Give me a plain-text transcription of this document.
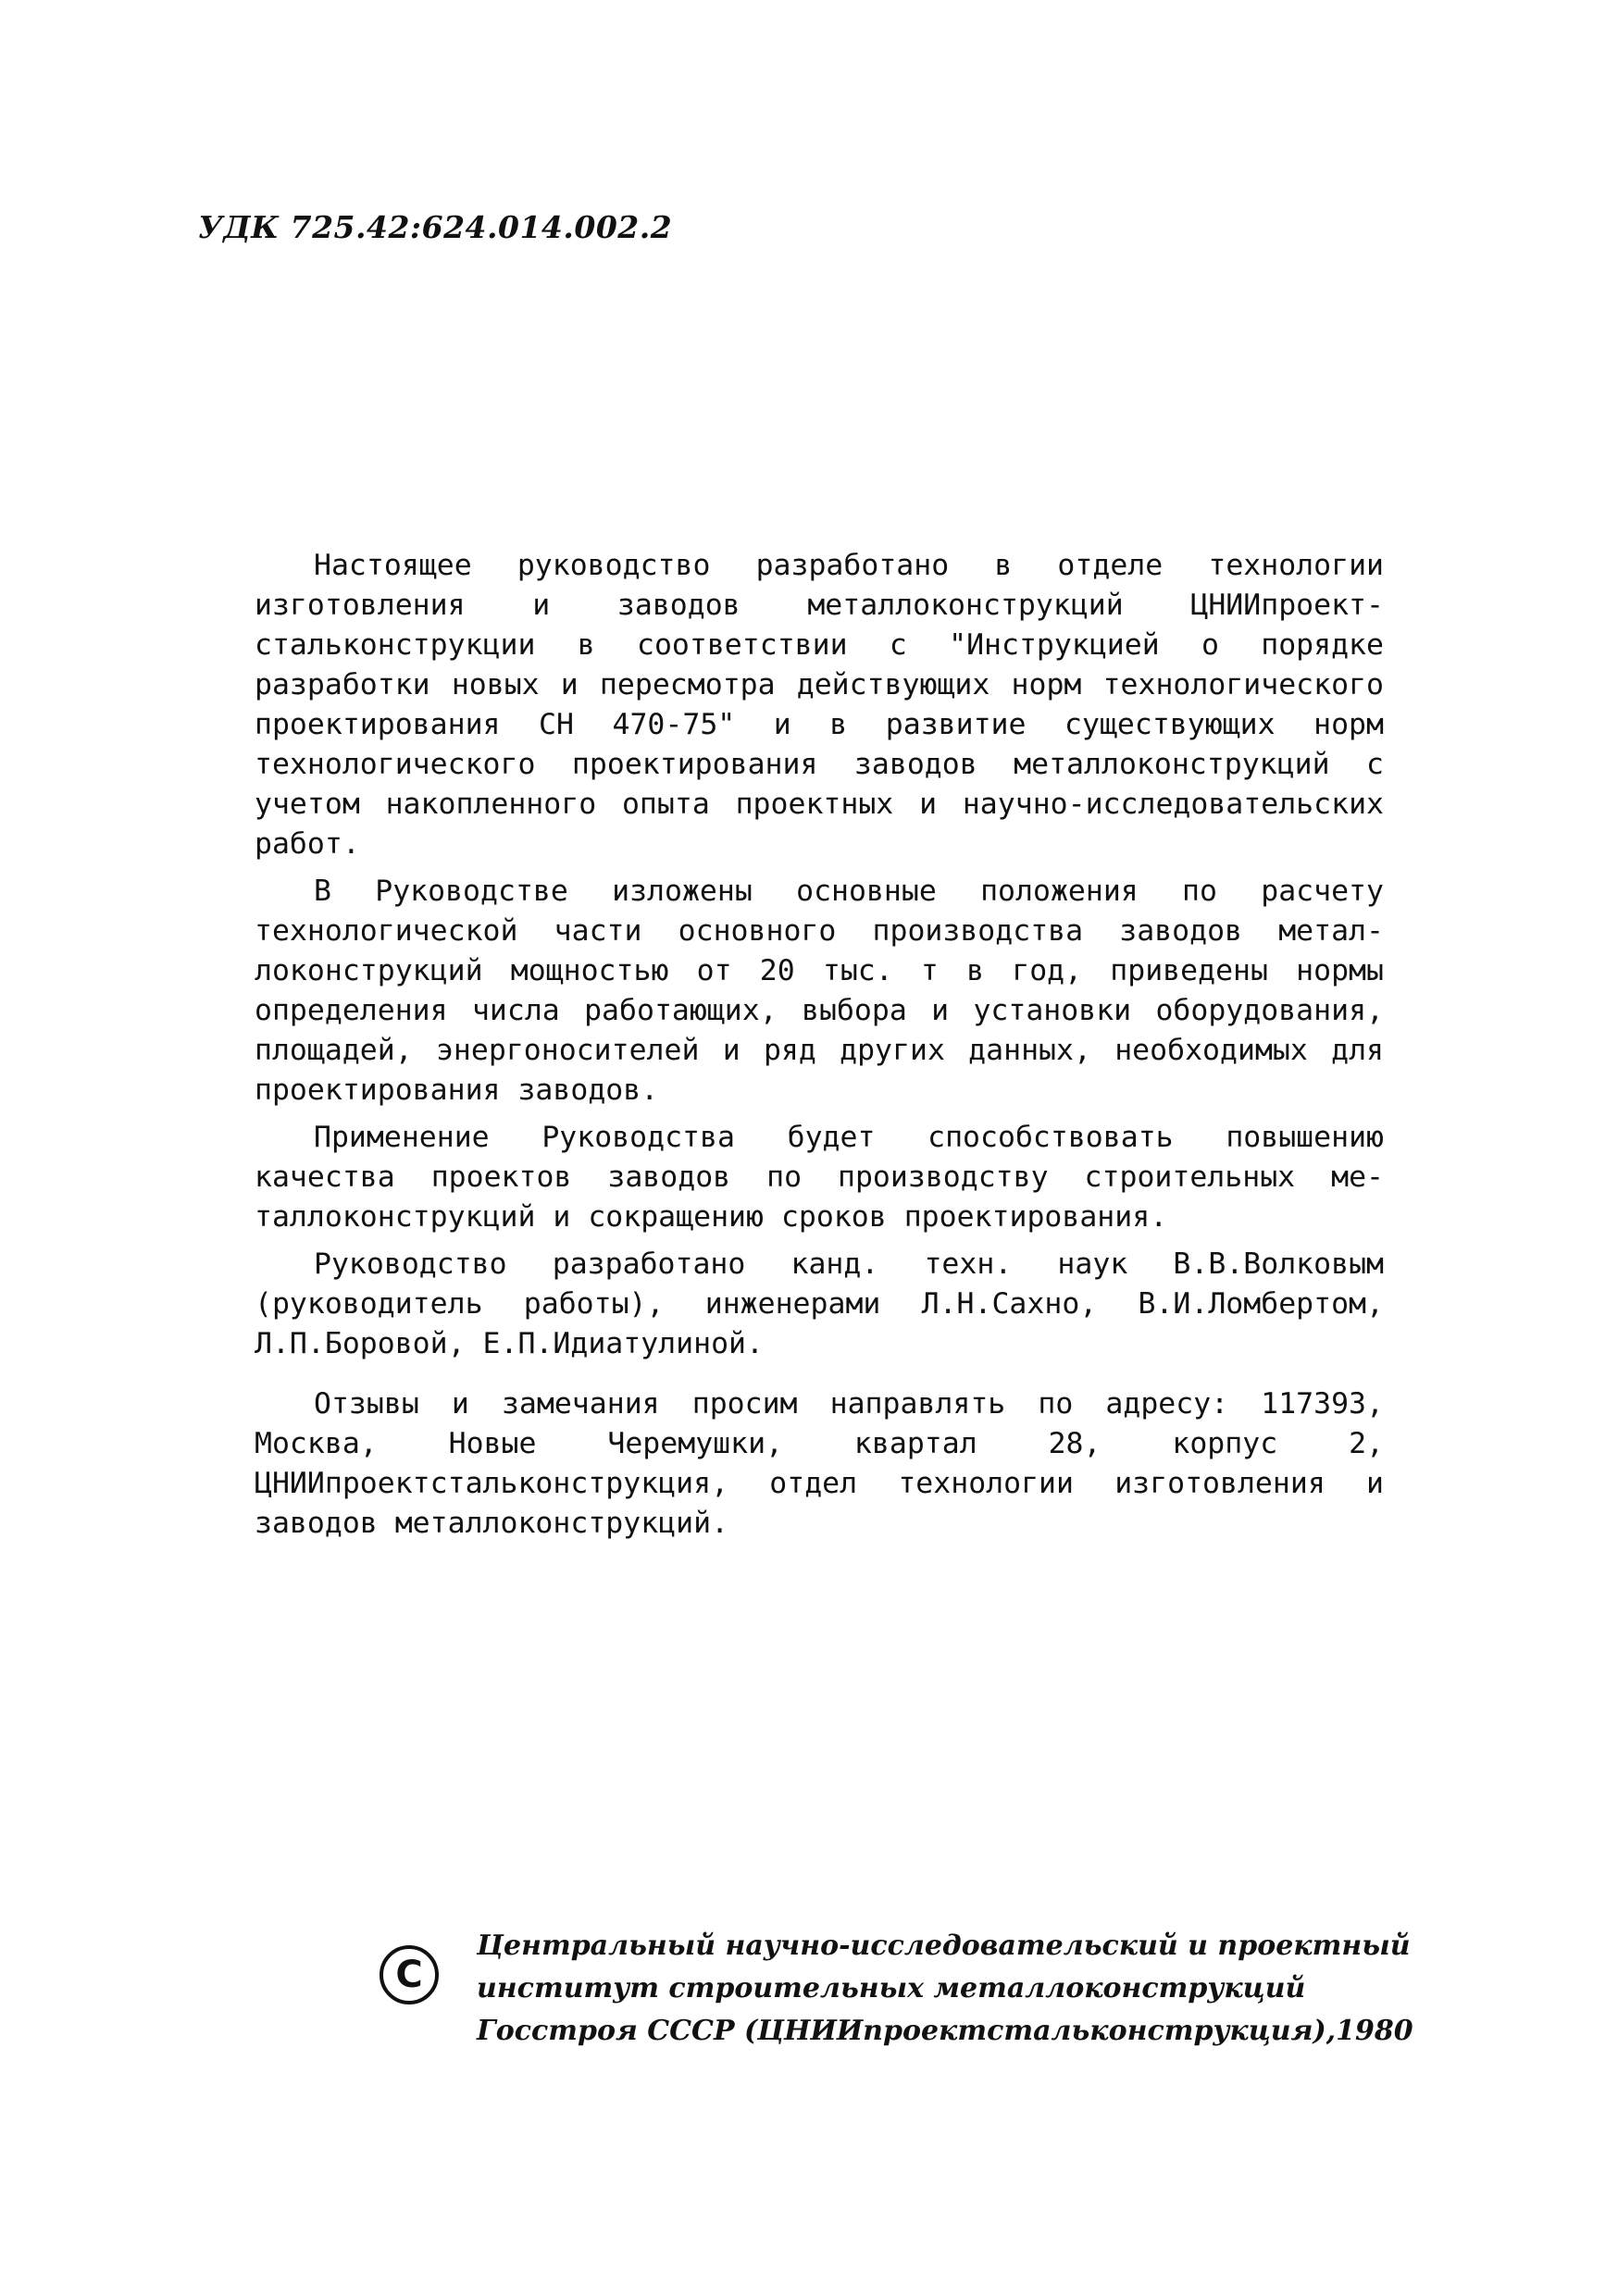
УДК 725.42:624.014.002.2

Настоящее руководство разработано в отделе технологии изготовления и заводов металлоконструкций ЦНИИпроектстальконструкции в соответствии с "Инструкцией о порядке разработки новых и пересмотра действующих норм технологического проектирования СН 470-75" и в развитие существующих норм технологического проектирования заводов металлоконструкций с учетом накопленного опыта проектных и научно-исследовательских работ.

В Руководстве изложены основные положения по расчету технологической части основного производства заводов металлоконструкций мощностью от 20 тыс. т в год, приведены нормы определения числа работающих, выбора и установки оборудования, площадей, энергоносителей и ряд других данных, необходимых для проектирования заводов.

Применение Руководства будет способствовать повышению качества проектов заводов по производству строительных металлоконструкций и сокращению сроков проектирования.

Руководство разработано канд. техн. наук В.В.Волковым (руководитель работы), инженерами Л.Н.Сахно, В.И.Ломбертом, Л.П.Боровой, Е.П.Идиатулиной.

Отзывы и замечания просим направлять по адресу: 117393, Москва, Новые Черемушки, квартал 28, корпус 2, ЦНИИпроектстальконструкция, отдел технологии изготовления и заводов металлоконструкций.

C
Центральный научно-исследовательский и проектный
институт строительных металлоконструкций
Госстроя СССР (ЦНИИпроектстальконструкция),1980
